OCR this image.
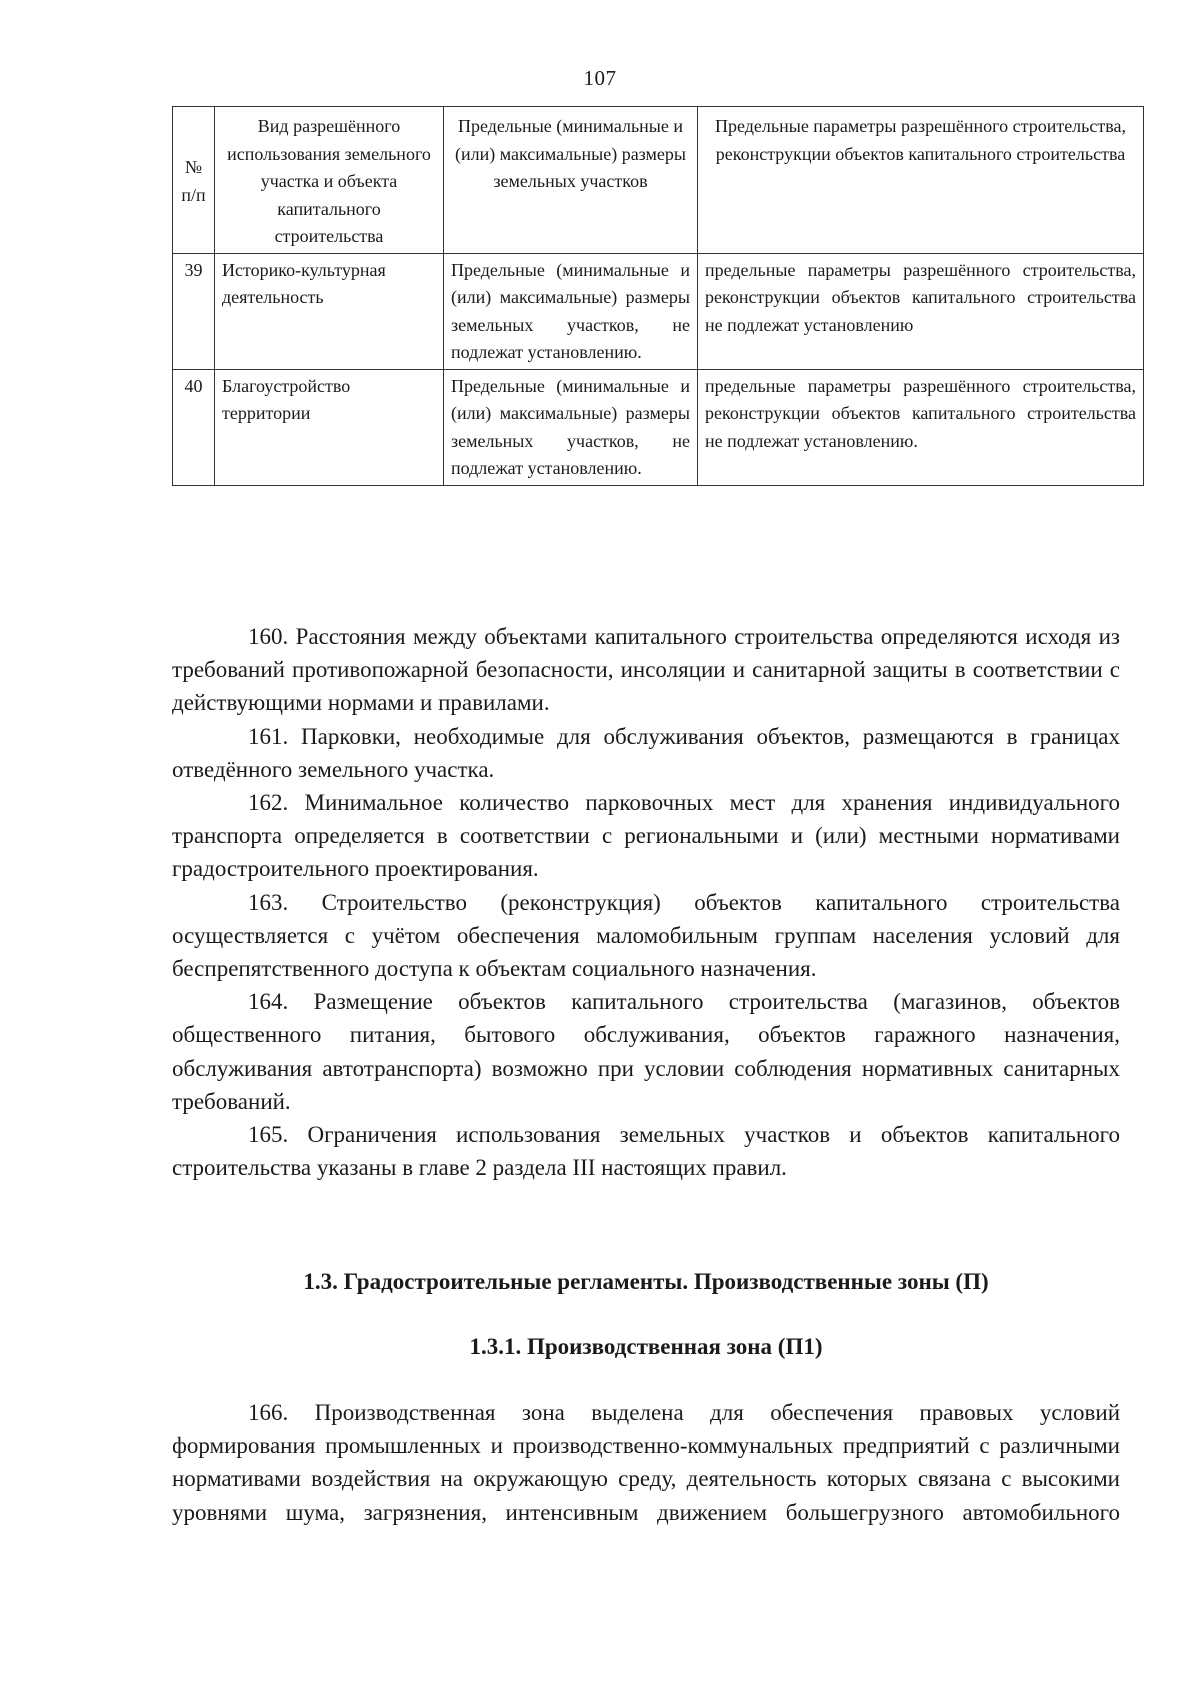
107
№ п/п	Вид разрешённого использования земельного участка и объекта капитального строительства	Предельные (минимальные и (или) максимальные) размеры земельных участков	Предельные параметры разрешённого строительства, реконструкции объектов капитального строительства
39	Историко-культурная деятельность	Предельные (минимальные и (или) максимальные) размеры земельных участков, не подлежат установлению.	предельные параметры разрешённого строительства, реконструкции объектов капитального строительства не подлежат установлению
40	Благоустройство территории	Предельные (минимальные и (или) максимальные) размеры земельных участков, не подлежат установлению.	предельные параметры разрешённого строительства, реконструкции объектов капитального строительства не подлежат установлению.

160. Расстояния между объектами капитального строительства определяются исходя из требований противопожарной безопасности, инсоляции и санитарной защиты в соответствии с действующими нормами и правилами.

161. Парковки, необходимые для обслуживания объектов, размещаются в границах отведённого земельного участка.

162. Минимальное количество парковочных мест для хранения индивидуального транспорта определяется в соответствии с региональными и (или) местными нормативами градостроительного проектирования.

163. Строительство (реконструкция) объектов капитального строительства осуществляется с учётом обеспечения маломобильным группам населения условий для беспрепятственного доступа к объектам социального назначения.

164. Размещение объектов капитального строительства (магазинов, объектов общественного питания, бытового обслуживания, объектов гаражного назначения, обслуживания автотранспорта) возможно при условии соблюдения нормативных санитарных требований.

165. Ограничения использования земельных участков и объектов капитального строительства указаны в главе 2 раздела III настоящих правил.

1.3. Градостроительные регламенты. Производственные зоны (П)
1.3.1. Производственная зона (П1)

166. Производственная зона выделена для обеспечения правовых условий формирования промышленных и производственно-коммунальных предприятий с различными нормативами воздействия на окружающую среду, деятельность которых связана с высокими уровнями шума, загрязнения, интенсивным движением большегрузного автомобильного
